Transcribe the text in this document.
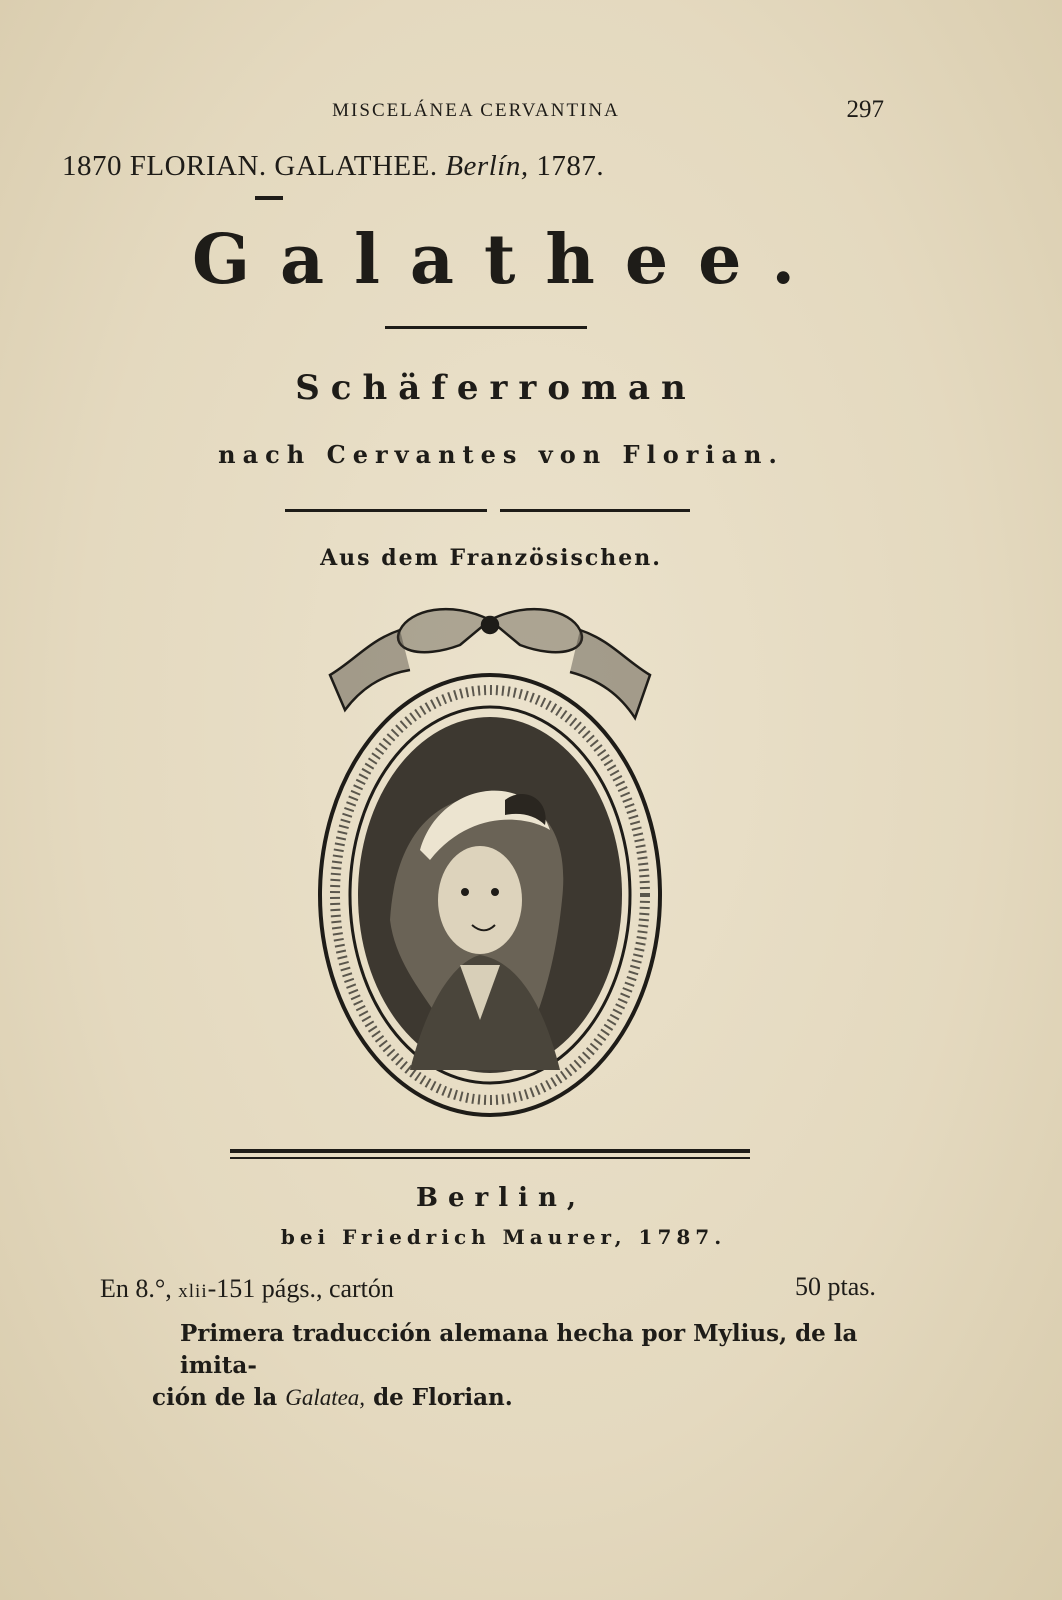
MISCELÁNEA CERVANTINA	297
1870 FLORIAN. GALATHEE. Berlín, 1787.
Galathee.
Schäferroman
nach Cervantes von Florian.
Aus dem Französischen.
Berlin,
bei Friedrich Maurer, 1787.
En 8.°, xlii-151 págs., cartón	50 ptas.
Primera traducción alemana hecha por Mylius, de la imita-
ción de la Galatea, de Florian.
